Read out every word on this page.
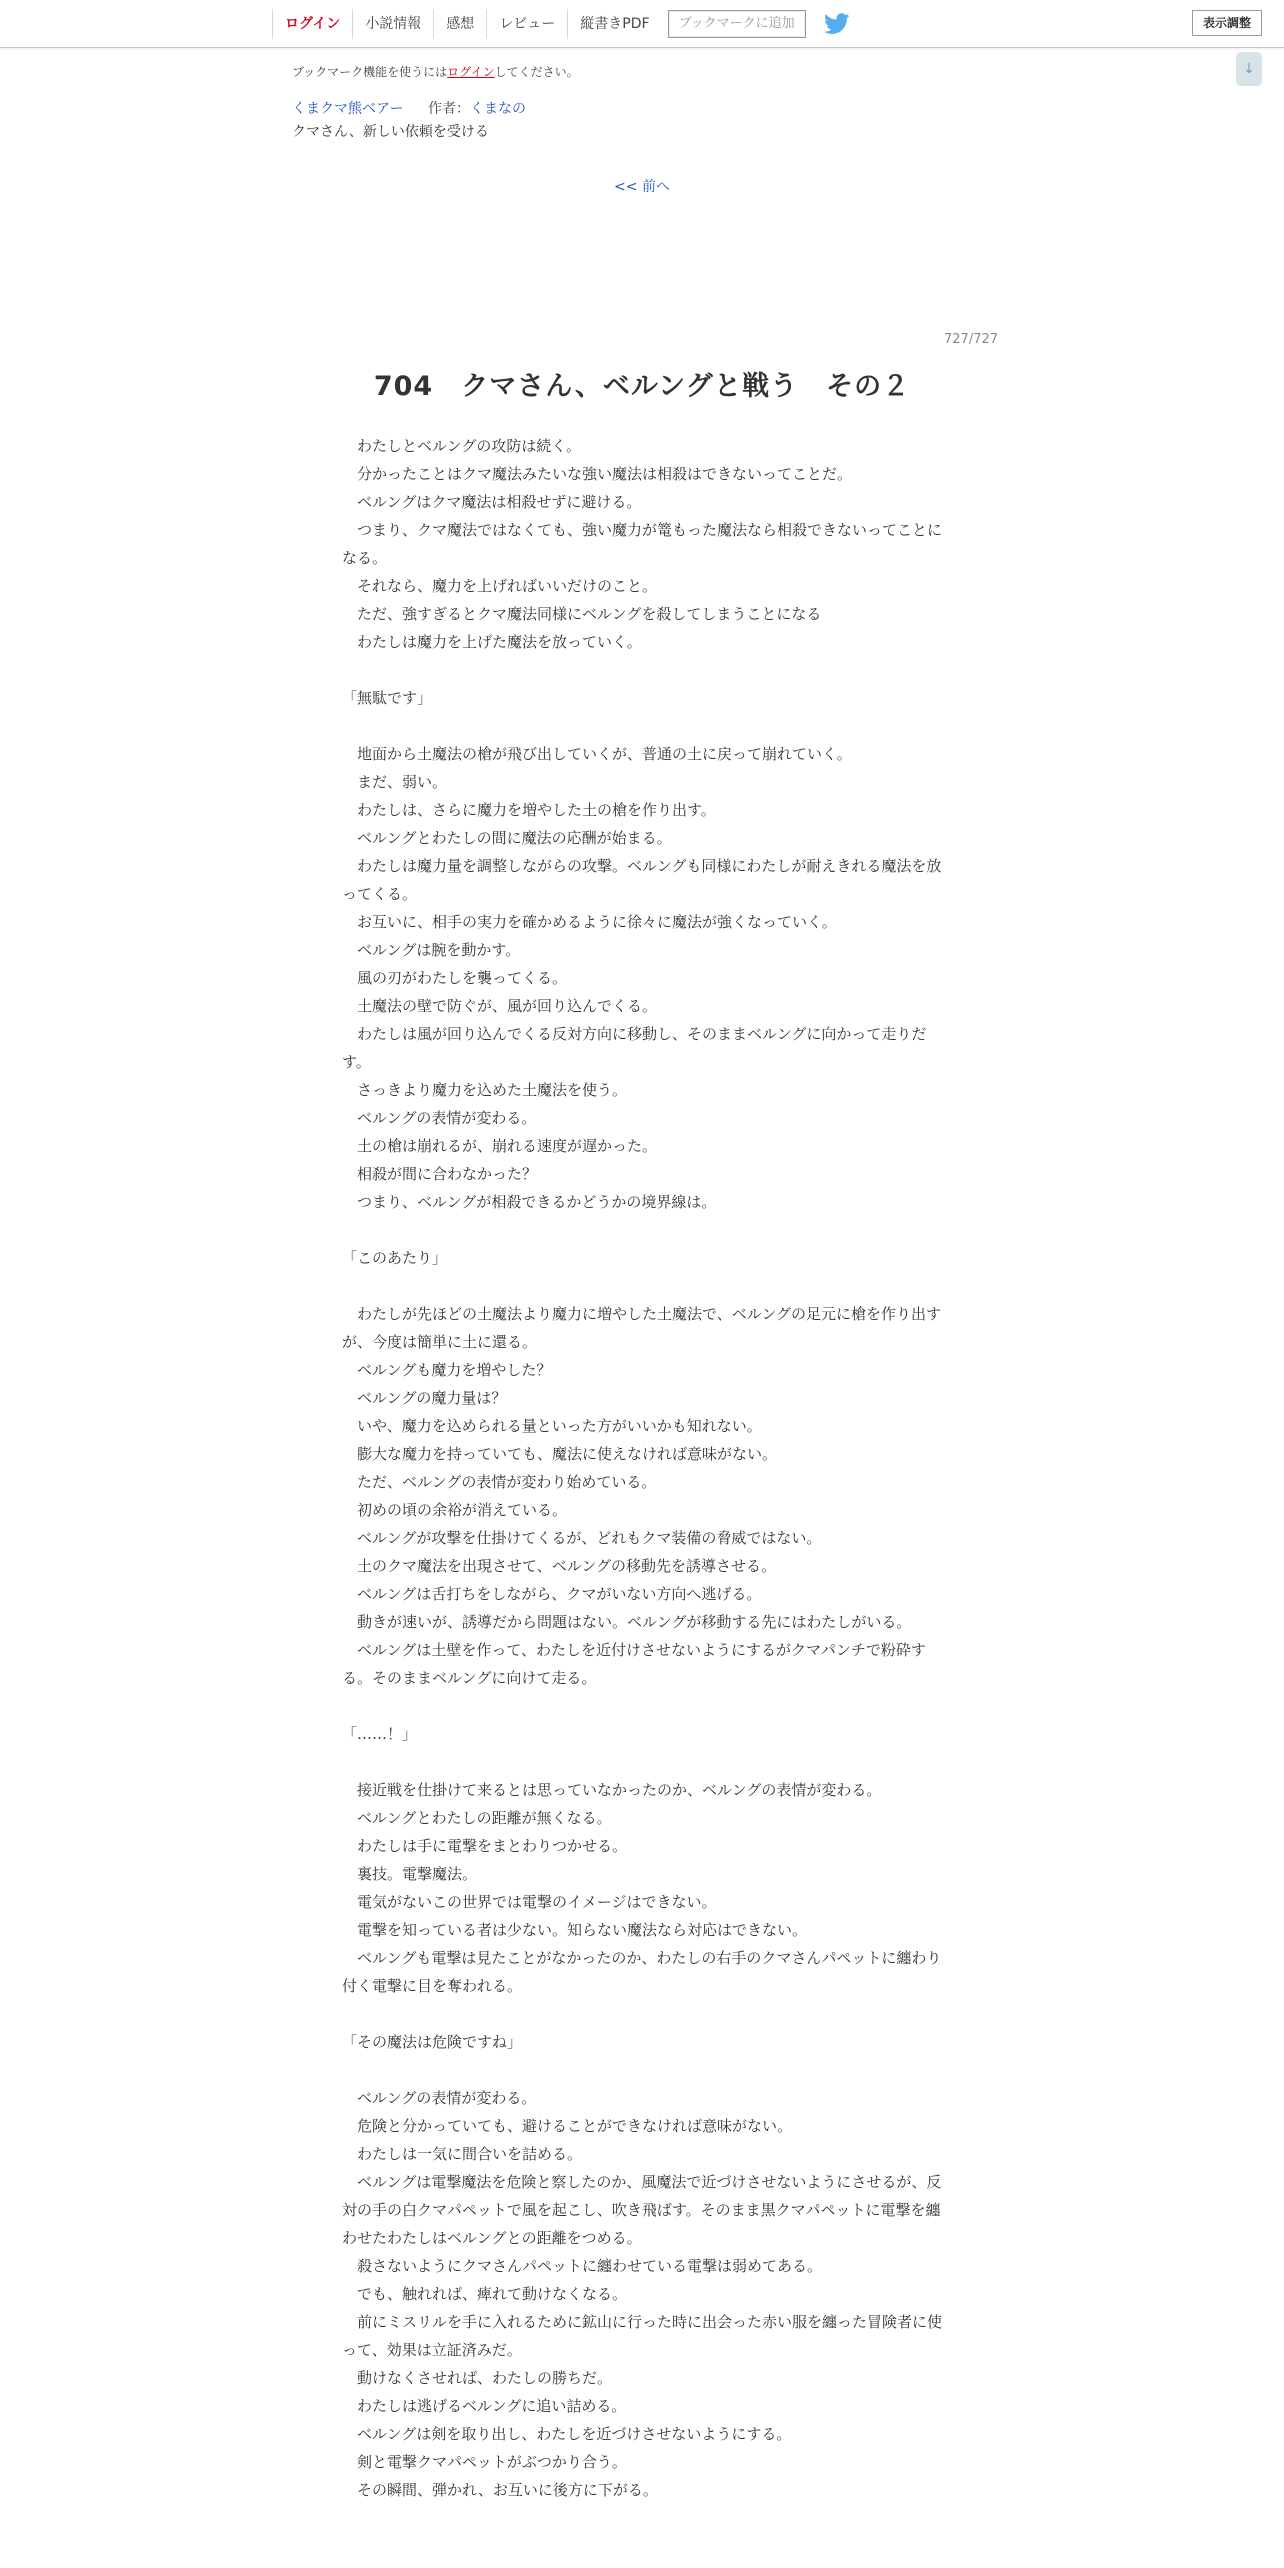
ログイン	小説情報	感想	レビュー	縦書きPDF	ブックマークに追加	表示調整
↓
ブックマーク機能を使うにはログインしてください。
くまクマ熊ベアー 作者：くまなの
クマさん、新しい依頼を受ける
<< 前へ
727/727
704　クマさん、ベルングと戦う　その２

　わたしとベルングの攻防は続く。

　分かったことはクマ魔法みたいな強い魔法は相殺はできないってことだ。

　ベルングはクマ魔法は相殺せずに避ける。

　つまり、クマ魔法ではなくても、強い魔力が篭もった魔法なら相殺できないってことになる。

　それなら、魔力を上げればいいだけのこと。

　ただ、強すぎるとクマ魔法同様にベルングを殺してしまうことになる

　わたしは魔力を上げた魔法を放っていく。

「無駄です」

　地面から土魔法の槍が飛び出していくが、普通の土に戻って崩れていく。

　まだ、弱い。

　わたしは、さらに魔力を増やした土の槍を作り出す。

　ベルングとわたしの間に魔法の応酬が始まる。

　わたしは魔力量を調整しながらの攻撃。ベルングも同様にわたしが耐えきれる魔法を放ってくる。

　お互いに、相手の実力を確かめるように徐々に魔法が強くなっていく。

　ベルングは腕を動かす。

　風の刃がわたしを襲ってくる。

　土魔法の壁で防ぐが、風が回り込んでくる。

　わたしは風が回り込んでくる反対方向に移動し、そのままベルングに向かって走りだす。

　さっきより魔力を込めた土魔法を使う。

　ベルングの表情が変わる。

　土の槍は崩れるが、崩れる速度が遅かった。

　相殺が間に合わなかった？

　つまり、ベルングが相殺できるかどうかの境界線は。

「このあたり」

　わたしが先ほどの土魔法より魔力に増やした土魔法で、ベルングの足元に槍を作り出すが、今度は簡単に土に還る。

　ベルングも魔力を増やした？

　ベルングの魔力量は？

　いや、魔力を込められる量といった方がいいかも知れない。

　膨大な魔力を持っていても、魔法に使えなければ意味がない。

　ただ、ベルングの表情が変わり始めている。

　初めの頃の余裕が消えている。

　ベルングが攻撃を仕掛けてくるが、どれもクマ装備の脅威ではない。

　土のクマ魔法を出現させて、ベルングの移動先を誘導させる。

　ベルングは舌打ちをしながら、クマがいない方向へ逃げる。

　動きが速いが、誘導だから問題はない。ベルングが移動する先にはわたしがいる。

　ベルングは土壁を作って、わたしを近付けさせないようにするがクマパンチで粉砕する。そのままベルングに向けて走る。

「……！」

　接近戦を仕掛けて来るとは思っていなかったのか、ベルングの表情が変わる。

　ベルングとわたしの距離が無くなる。

　わたしは手に電撃をまとわりつかせる。

　裏技。電撃魔法。

　電気がないこの世界では電撃のイメージはできない。

　電撃を知っている者は少ない。知らない魔法なら対応はできない。

　ベルングも電撃は見たことがなかったのか、わたしの右手のクマさんパペットに纏わり付く電撃に目を奪われる。

「その魔法は危険ですね」

　ベルングの表情が変わる。

　危険と分かっていても、避けることができなければ意味がない。

　わたしは一気に間合いを詰める。

　ベルングは電撃魔法を危険と察したのか、風魔法で近づけさせないようにさせるが、反対の手の白クマパペットで風を起こし、吹き飛ばす。そのまま黒クマパペットに電撃を纏わせたわたしはベルングとの距離をつめる。

　殺さないようにクマさんパペットに纏わせている電撃は弱めてある。

　でも、触れれば、痺れて動けなくなる。

　前にミスリルを手に入れるために鉱山に行った時に出会った赤い服を纏った冒険者に使って、効果は立証済みだ。

　動けなくさせれば、わたしの勝ちだ。

　わたしは逃げるベルングに追い詰める。

　ベルングは剣を取り出し、わたしを近づけさせないようにする。

　剣と電撃クマパペットがぶつかり合う。

　その瞬間、弾かれ、お互いに後方に下がる。
